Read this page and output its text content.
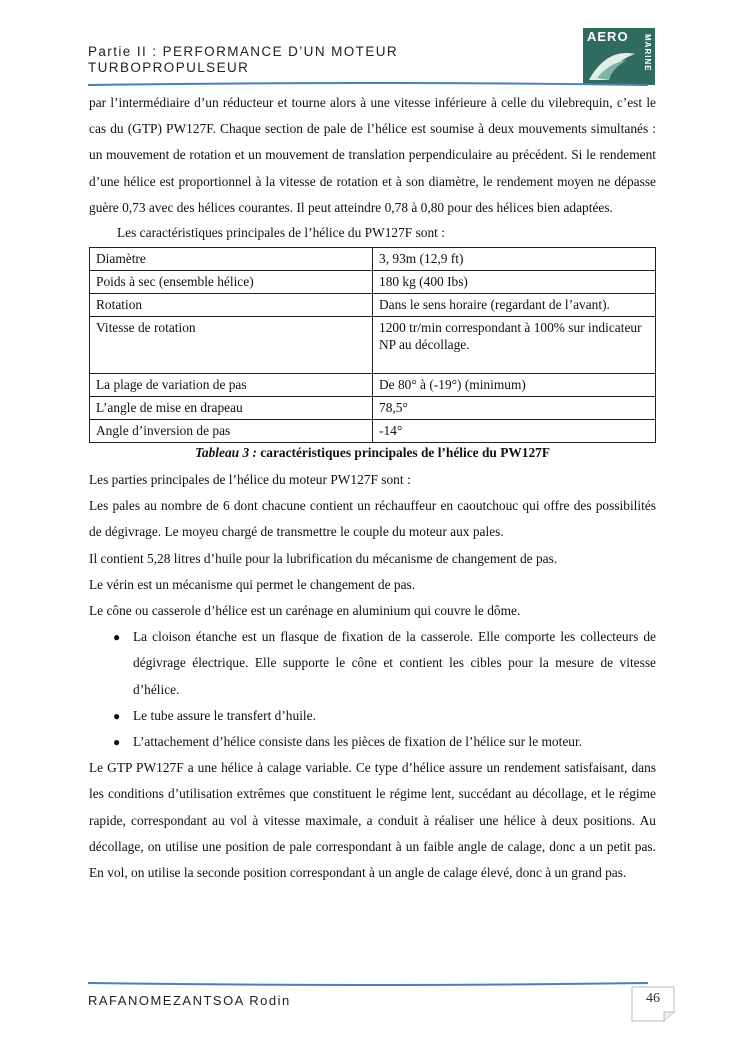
Partie II : PERFORMANCE D’UN MOTEUR
TURBOPROPULSEUR
AERO MARINE

par l’intermédiaire d’un réducteur et tourne alors à une vitesse inférieure à celle du vilebrequin, c’est le cas du (GTP) PW127F. Chaque section de pale de l’hélice est soumise à deux mouvements simultanés : un mouvement de rotation et un mouvement de translation perpendiculaire au précédent. Si le rendement d’une hélice est proportionnel à la vitesse de rotation et à son diamètre, le rendement moyen ne dépasse guère 0,73 avec des hélices courantes. Il peut atteindre 0,78 à 0,80 pour des hélices bien adaptées.

Les caractéristiques principales de l’hélice du PW127F sont :

Diamètre	3, 93m (12,9 ft)
Poids à sec (ensemble hélice)	180 kg (400 Ibs)
Rotation	Dans le sens horaire (regardant de l’avant).
Vitesse de rotation	1200 tr/min correspondant à 100% sur indicateur NP au décollage.
La plage de variation de pas	De 80° à (-19°) (minimum)
L’angle de mise en drapeau	78,5°
Angle d’inversion de pas	-14°
Tableau 3 : caractéristiques principales de l’hélice du PW127F

Les parties principales de l’hélice du moteur PW127F sont :

Les pales au nombre de 6 dont chacune contient un réchauffeur en caoutchouc qui offre des possibilités de dégivrage. Le moyeu chargé de transmettre le couple du moteur aux pales.

Il contient 5,28 litres d’huile pour la lubrification du mécanisme de changement de pas.

Le vérin est un mécanisme qui permet le changement de pas.

Le cône ou casserole d’hélice est un carénage en aluminium qui couvre le dôme.

● La cloison étanche est un flasque de fixation de la casserole. Elle comporte les collecteurs de dégivrage électrique. Elle supporte le cône et contient les cibles pour la mesure de vitesse d’hélice.
● Le tube assure le transfert d’huile.
● L’attachement d’hélice consiste dans les pièces de fixation de l’hélice sur le moteur.

Le GTP PW127F a une hélice à calage variable. Ce type d’hélice assure un rendement satisfaisant, dans les conditions d’utilisation extrêmes que constituent le régime lent, succédant au décollage, et le régime rapide, correspondant au vol à vitesse maximale, a conduit à réaliser une hélice à deux positions. Au décollage, on utilise une position de pale correspondant à un faible angle de calage, donc a un petit pas. En vol, on utilise la seconde position correspondant à un angle de calage élevé, donc à un grand pas.

RAFANOMEZANTSOA Rodin	46
